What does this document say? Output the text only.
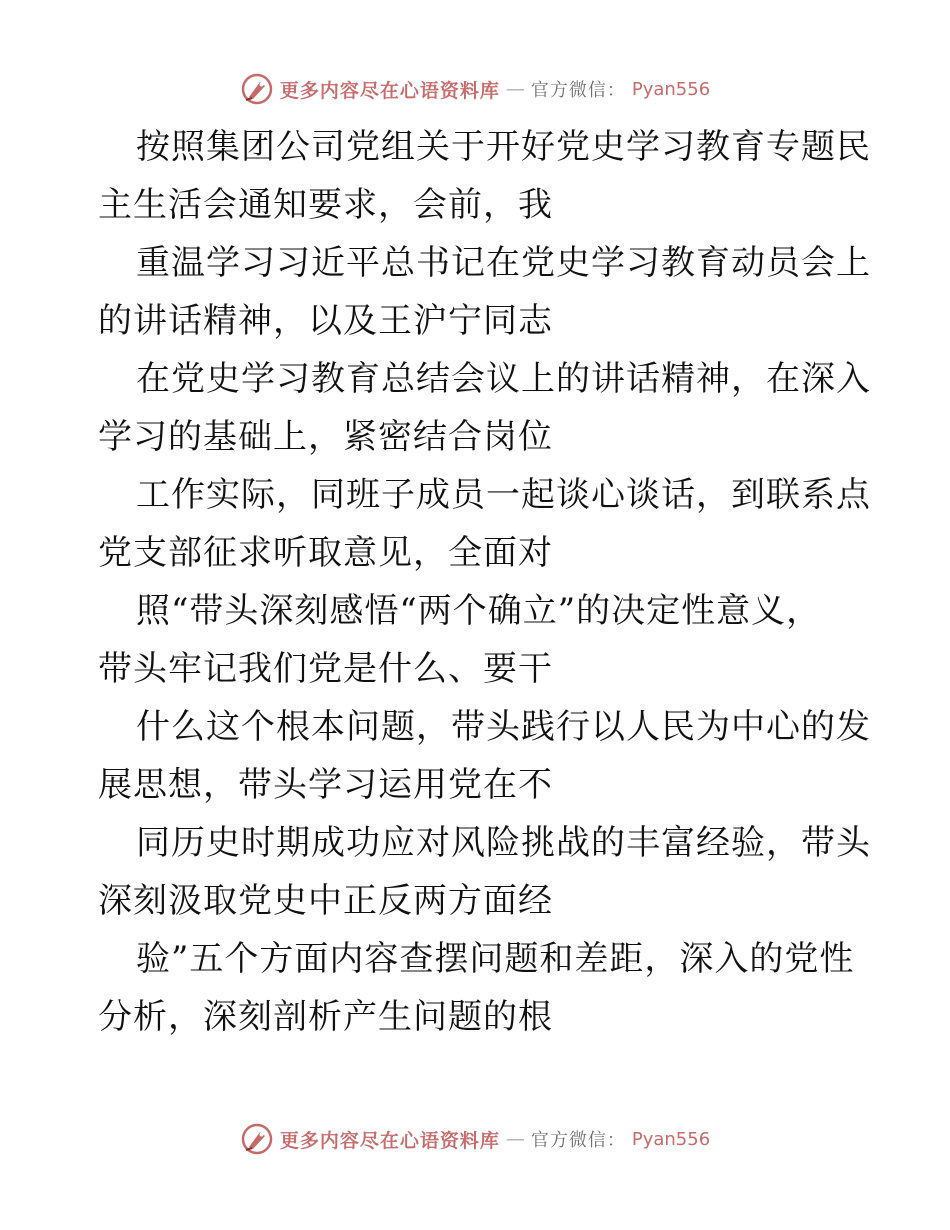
更多内容尽在心语资料库 — 官方微信： Pyan556
按照集团公司党组关于开好党史学习教育专题民
主生活会通知要求，会前，我
重温学习习近平总书记在党史学习教育动员会上
的讲话精神，以及王沪宁同志
在党史学习教育总结会议上的讲话精神，在深入
学习的基础上，紧密结合岗位
工作实际，同班子成员一起谈心谈话，到联系点
党支部征求听取意见，全面对
照“带头深刻感悟“两个确立”的决定性意义，
带头牢记我们党是什么、要干
什么这个根本问题，带头践行以人民为中心的发
展思想，带头学习运用党在不
同历史时期成功应对风险挑战的丰富经验，带头
深刻汲取党史中正反两方面经
验”五个方面内容查摆问题和差距，深入的党性
分析，深刻剖析产生问题的根
更多内容尽在心语资料库 — 官方微信： Pyan556
